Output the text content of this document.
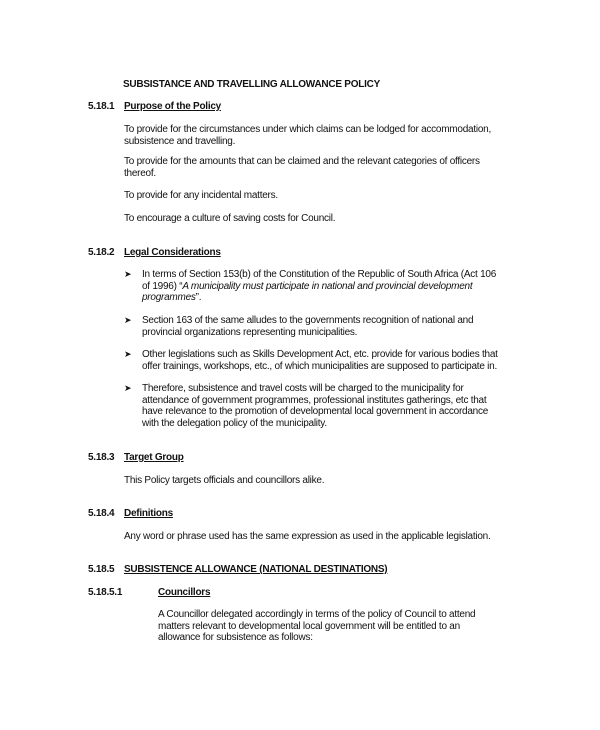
SUBSISTANCE AND TRAVELLING ALLOWANCE POLICY
5.18.1 Purpose of the Policy
To provide for the circumstances under which claims can be lodged for accommodation,
subsistence and travelling.
To provide for the amounts that can be claimed and the relevant categories of officers
thereof.
To provide for any incidental matters.
To encourage a culture of saving costs for Council.
5.18.2 Legal Considerations
➤ In terms of Section 153(b) of the Constitution of the Republic of South Africa (Act 106
of 1996) “A municipality must participate in national and provincial development
programmes”.
➤ Section 163 of the same alludes to the governments recognition of national and
provincial organizations representing municipalities.
➤ Other legislations such as Skills Development Act, etc. provide for various bodies that
offer trainings, workshops, etc., of which municipalities are supposed to participate in.
➤ Therefore, subsistence and travel costs will be charged to the municipality for
attendance of government programmes, professional institutes gatherings, etc that
have relevance to the promotion of developmental local government in accordance
with the delegation policy of the municipality.
5.18.3 Target Group
This Policy targets officials and councillors alike.
5.18.4 Definitions
Any word or phrase used has the same expression as used in the applicable legislation.
5.18.5 SUBSISTENCE ALLOWANCE (NATIONAL DESTINATIONS)
5.18.5.1	Councillors
A Councillor delegated accordingly in terms of the policy of Council to attend
matters relevant to developmental local government will be entitled to an
allowance for subsistence as follows:
